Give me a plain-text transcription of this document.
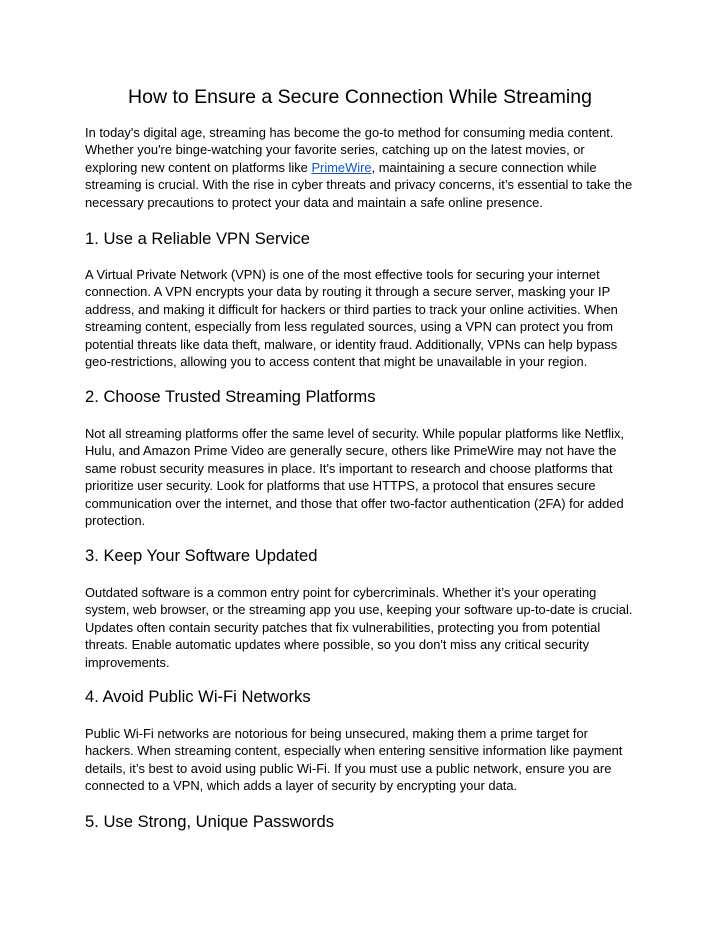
How to Ensure a Secure Connection While Streaming

In today's digital age, streaming has become the go-to method for consuming media content.
Whether you're binge-watching your favorite series, catching up on the latest movies, or
exploring new content on platforms like PrimeWire, maintaining a secure connection while
streaming is crucial. With the rise in cyber threats and privacy concerns, it’s essential to take the
necessary precautions to protect your data and maintain a safe online presence.

1. Use a Reliable VPN Service

A Virtual Private Network (VPN) is one of the most effective tools for securing your internet
connection. A VPN encrypts your data by routing it through a secure server, masking your IP
address, and making it difficult for hackers or third parties to track your online activities. When
streaming content, especially from less regulated sources, using a VPN can protect you from
potential threats like data theft, malware, or identity fraud. Additionally, VPNs can help bypass
geo-restrictions, allowing you to access content that might be unavailable in your region.

2. Choose Trusted Streaming Platforms

Not all streaming platforms offer the same level of security. While popular platforms like Netflix,
Hulu, and Amazon Prime Video are generally secure, others like PrimeWire may not have the
same robust security measures in place. It's important to research and choose platforms that
prioritize user security. Look for platforms that use HTTPS, a protocol that ensures secure
communication over the internet, and those that offer two-factor authentication (2FA) for added
protection.

3. Keep Your Software Updated

Outdated software is a common entry point for cybercriminals. Whether it’s your operating
system, web browser, or the streaming app you use, keeping your software up-to-date is crucial.
Updates often contain security patches that fix vulnerabilities, protecting you from potential
threats. Enable automatic updates where possible, so you don't miss any critical security
improvements.

4. Avoid Public Wi-Fi Networks

Public Wi-Fi networks are notorious for being unsecured, making them a prime target for
hackers. When streaming content, especially when entering sensitive information like payment
details, it’s best to avoid using public Wi-Fi. If you must use a public network, ensure you are
connected to a VPN, which adds a layer of security by encrypting your data.

5. Use Strong, Unique Passwords
